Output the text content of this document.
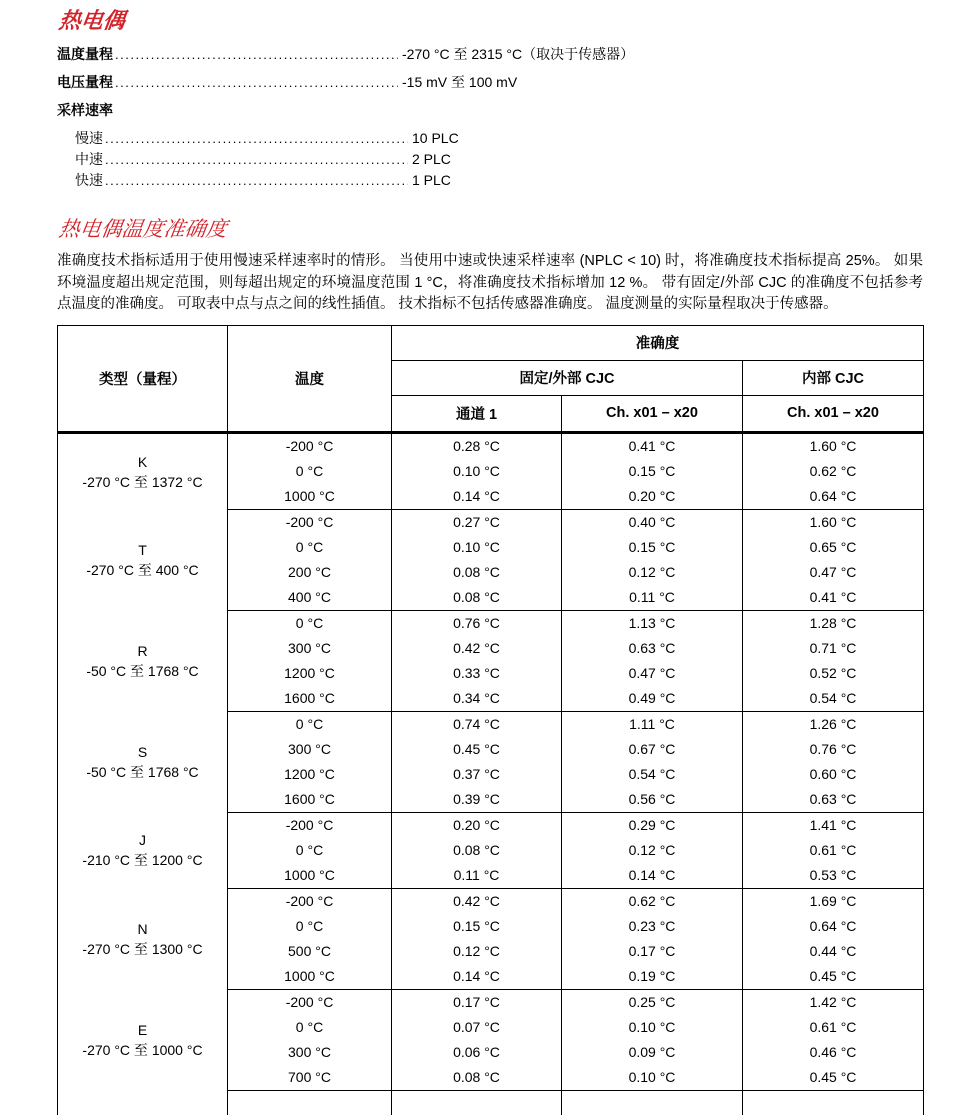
热电偶
温度量程 .....	-270 °C 至 2315 °C（取决于传感器）
电压量程 .....	-15 mV 至 100 mV
采样速率
慢速 .....	10 PLC
中速 .....	2 PLC
快速 .....	1 PLC
热电偶温度准确度

准确度技术指标适用于使用慢速采样速率时的情形。 当使用中速或快速采样速率 (NPLC < 10) 时，将准确度技术指标提高 25%。 如果环境温度超出规定范围，则每超出规定的环境温度范围 1 °C，将准确度技术指标增加 12 %。 带有固定/外部 CJC 的准确度不包括参考点温度的准确度。 可取表中点与点之间的线性插值。 技术指标不包括传感器准确度。 温度测量的实际量程取决于传感器。

类型（量程）	温度	准确度		
		固定/外部 CJC		内部 CJC
		通道 1	Ch. x01 – x20	Ch. x01 – x20

K
-270 °C 至 1372 °C	-200 °C	0.28 °C	0.41 °C	1.60 °C
	0 °C	0.10 °C	0.15 °C	0.62 °C
	1000 °C	0.14 °C	0.20 °C	0.64 °C

T
-270 °C 至 400 °C	-200 °C	0.27 °C	0.40 °C	1.60 °C
	0 °C	0.10 °C	0.15 °C	0.65 °C
	200 °C	0.08 °C	0.12 °C	0.47 °C
	400 °C	0.08 °C	0.11 °C	0.41 °C

R
-50 °C 至 1768 °C	0 °C	0.76 °C	1.13 °C	1.28 °C
	300 °C	0.42 °C	0.63 °C	0.71 °C
	1200 °C	0.33 °C	0.47 °C	0.52 °C
	1600 °C	0.34 °C	0.49 °C	0.54 °C

S
-50 °C 至 1768 °C	0 °C	0.74 °C	1.11 °C	1.26 °C
	300 °C	0.45 °C	0.67 °C	0.76 °C
	1200 °C	0.37 °C	0.54 °C	0.60 °C
	1600 °C	0.39 °C	0.56 °C	0.63 °C

J
-210 °C 至 1200 °C	-200 °C	0.20 °C	0.29 °C	1.41 °C
	0 °C	0.08 °C	0.12 °C	0.61 °C
	1000 °C	0.11 °C	0.14 °C	0.53 °C

N
-270 °C 至 1300 °C	-200 °C	0.42 °C	0.62 °C	1.69 °C
	0 °C	0.15 °C	0.23 °C	0.64 °C
	500 °C	0.12 °C	0.17 °C	0.44 °C
	1000 °C	0.14 °C	0.19 °C	0.45 °C

E
-270 °C 至 1000 °C	-200 °C	0.17 °C	0.25 °C	1.42 °C
	0 °C	0.07 °C	0.10 °C	0.61 °C
	300 °C	0.06 °C	0.09 °C	0.46 °C
	700 °C	0.08 °C	0.10 °C	0.45 °C
